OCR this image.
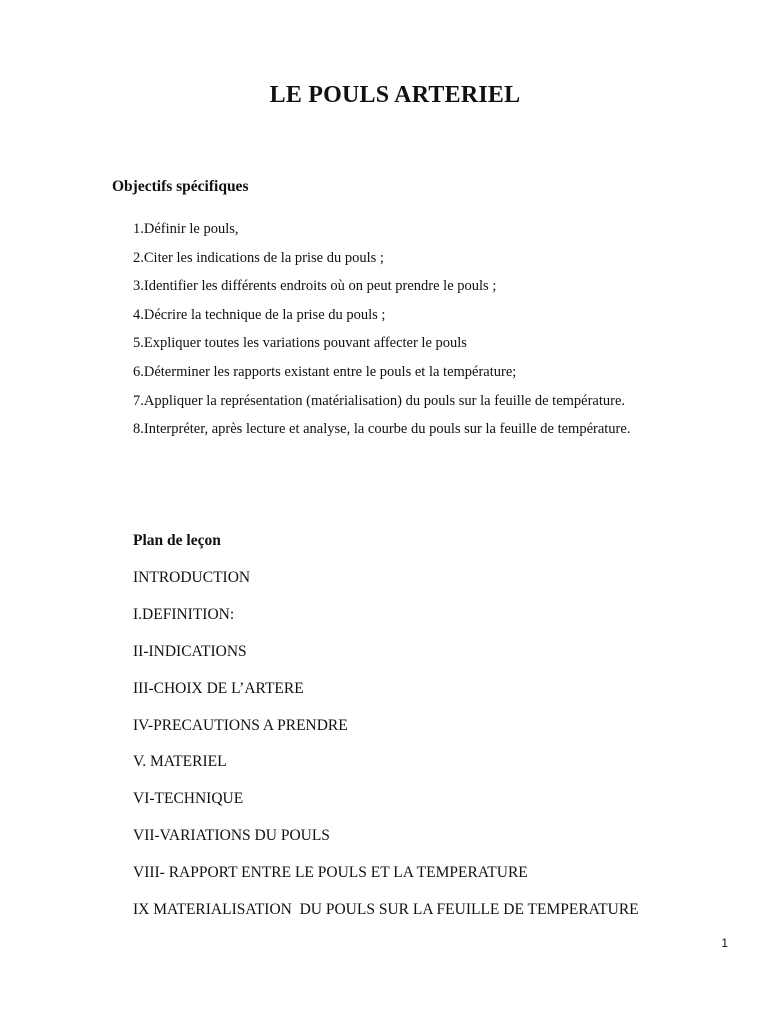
LE POULS ARTERIEL
Objectifs spécifiques
1.Définir le pouls,
2.Citer les indications de la prise du pouls ;
3.Identifier les différents endroits où on peut prendre le pouls ;
4.Décrire la technique de la prise du pouls ;
5.Expliquer toutes les variations pouvant affecter le pouls
6.Déterminer les rapports existant entre le pouls et la température;
7.Appliquer la représentation (matérialisation) du pouls sur la feuille de température.
8.Interpréter, après lecture et analyse, la courbe du pouls sur la feuille de température.
Plan de leçon
INTRODUCTION
I.DEFINITION:
II-INDICATIONS
III-CHOIX DE L’ARTERE
IV-PRECAUTIONS A PRENDRE
V. MATERIEL
VI-TECHNIQUE
VII-VARIATIONS DU POULS
VIII- RAPPORT ENTRE LE POULS ET LA TEMPERATURE
IX MATERIALISATION  DU POULS SUR LA FEUILLE DE TEMPERATURE
1
